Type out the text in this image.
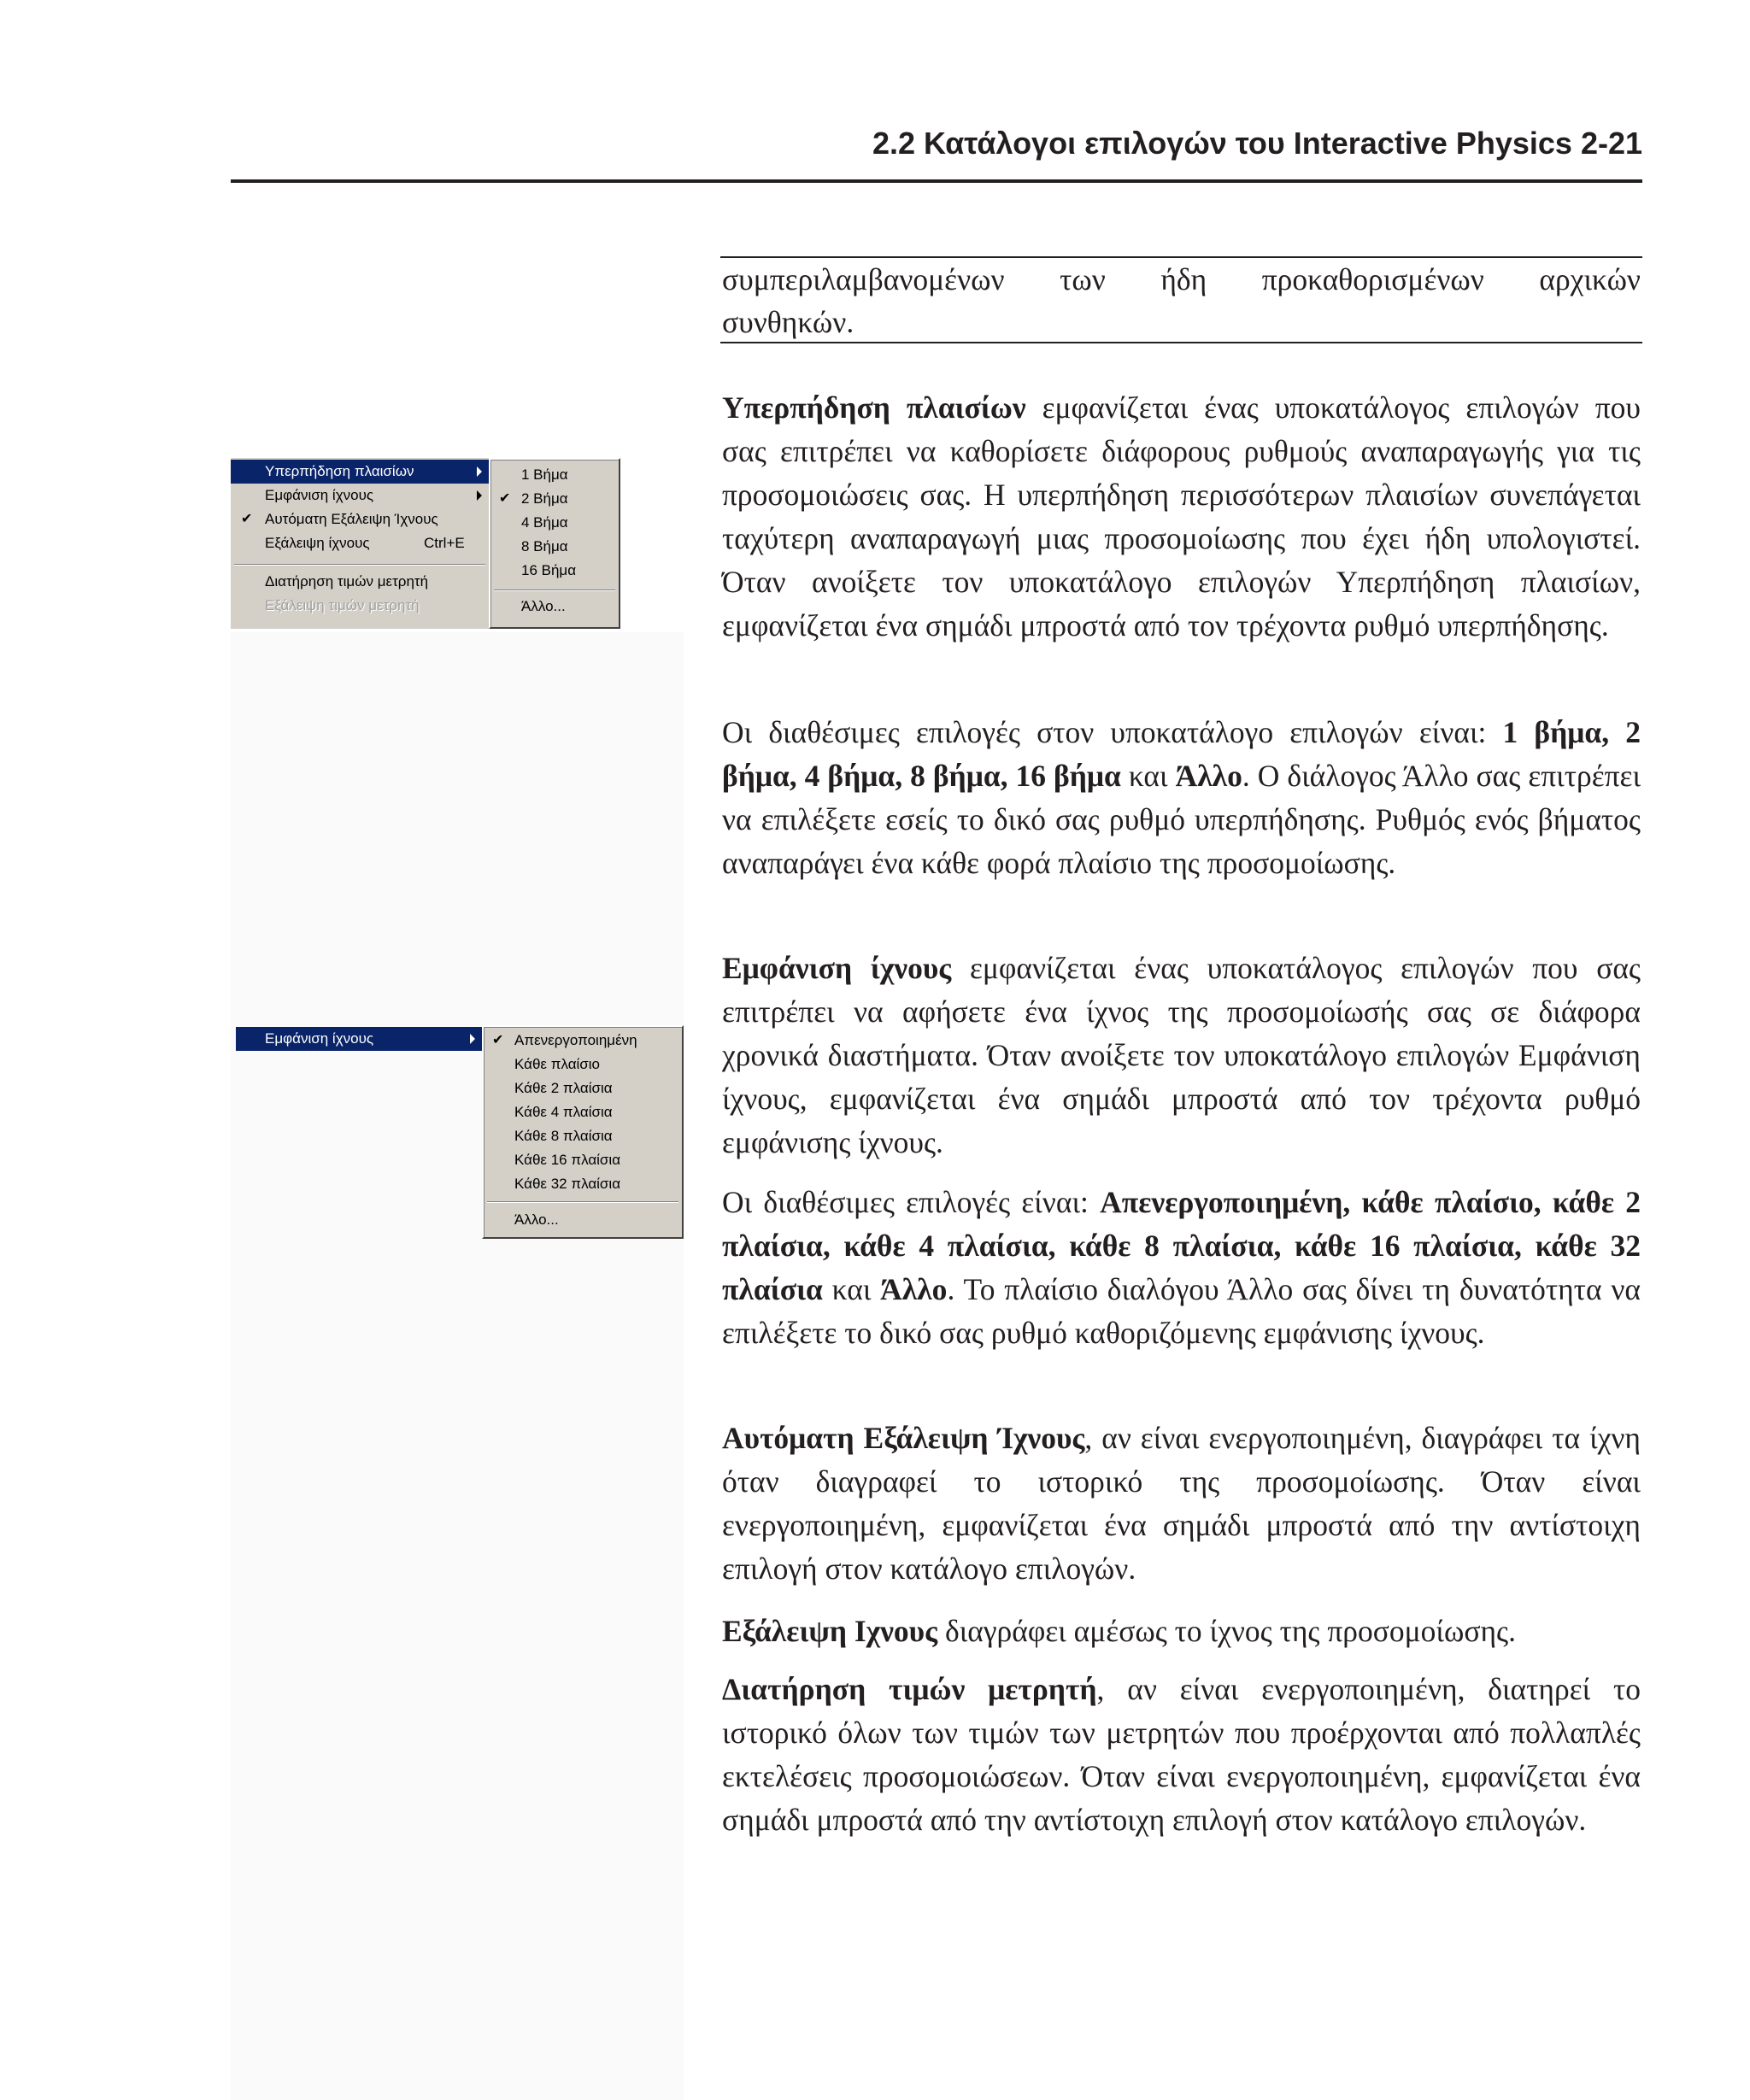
2.2 Κατάλογοι επιλογών του Interactive Physics 2-21

συμπεριλαμβανομένων των ήδη προκαθορισμένων αρχικών

συνθηκών.

Υπερπήδηση πλαισίων
Εμφάνιση ίχνους
✔ Αυτόματη Εξάλειψη Ίχνους
Εξάλειψη ίχνους	Ctrl+E
Διατήρηση τιμών μετρητή
Εξάλειψη τιμών μετρητή
1 Βήμα
✔ 2 Βήμα
4 Βήμα
8 Βήμα
16 Βήμα
Άλλο...
Εμφάνιση ίχνους	✔ Απενεργοποιημένη
Κάθε πλαίσιο
Κάθε 2 πλαίσια
Κάθε 4 πλαίσια
Κάθε 8 πλαίσια
Κάθε 16 πλαίσια
Κάθε 32 πλαίσια
Άλλο...

Υπερπήδηση πλαισίων εμφανίζεται ένας υποκατάλογος επιλογών που σας επιτρέπει να καθορίσετε διάφορους ρυθμούς αναπαραγωγής για τις προσομοιώσεις σας. Η υπερπήδηση περισσότερων πλαισίων συνεπάγεται ταχύτερη αναπαραγωγή μιας προσομοίωσης που έχει ήδη υπολογιστεί. Όταν ανοίξετε τον υποκατάλογο επιλογών Υπερπήδηση πλαισίων, εμφανίζεται ένα σημάδι μπροστά από τον τρέχοντα ρυθμό υπερπήδησης.

Οι διαθέσιμες επιλογές στον υποκατάλογο επιλογών είναι: 1 βήμα, 2 βήμα, 4 βήμα, 8 βήμα, 16 βήμα και Άλλο. Ο διάλογος Άλλο σας επιτρέπει να επιλέξετε εσείς το δικό σας ρυθμό υπερπήδησης. Ρυθμός ενός βήματος αναπαράγει ένα κάθε φορά πλαίσιο της προσομοίωσης.

Εμφάνιση ίχνους εμφανίζεται ένας υποκατάλογος επιλογών που σας επιτρέπει να αφήσετε ένα ίχνος της προσομοίωσής σας σε διάφορα χρονικά διαστήματα. Όταν ανοίξετε τον υποκατάλογο επιλογών Εμφάνιση ίχνους, εμφανίζεται ένα σημάδι μπροστά από τον τρέχοντα ρυθμό εμφάνισης ίχνους.

Οι διαθέσιμες επιλογές είναι: Απενεργοποιημένη, κάθε πλαίσιο, κάθε 2 πλαίσια, κάθε 4 πλαίσια, κάθε 8 πλαίσια, κάθε 16 πλαίσια, κάθε 32 πλαίσια και Άλλο. Το πλαίσιο διαλόγου Άλλο σας δίνει τη δυνατότητα να επιλέξετε το δικό σας ρυθμό καθοριζόμενης εμφάνισης ίχνους.

Αυτόματη Εξάλειψη Ίχνους, αν είναι ενεργοποιημένη, διαγράφει τα ίχνη όταν διαγραφεί το ιστορικό της προσομοίωσης. Όταν είναι ενεργοποιημένη, εμφανίζεται ένα σημάδι μπροστά από την αντίστοιχη επιλογή στον κατάλογο επιλογών.

Εξάλειψη Ιχνους διαγράφει αμέσως το ίχνος της προσομοίωσης.

Διατήρηση τιμών μετρητή, αν είναι ενεργοποιημένη, διατηρεί το ιστορικό όλων των τιμών των μετρητών που προέρχονται από πολλαπλές εκτελέσεις προσομοιώσεων. Όταν είναι ενεργοποιημένη, εμφανίζεται ένα σημάδι μπροστά από την αντίστοιχη επιλογή στον κατάλογο επιλογών.
